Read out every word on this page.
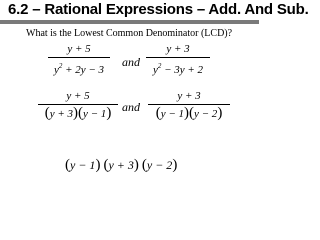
6.2 – Rational Expressions – Add. And Sub.
What is the Lowest Common Denominator (LCD)?
y + 5
$y^2 + 2y - 3$
and
y + 3
$y^2 - 3y + 2$
y + 5
(y + 3)(y − 1) and
y + 3
(y − 1)(y − 2)
(y − 1) (y + 3) (y − 2)
